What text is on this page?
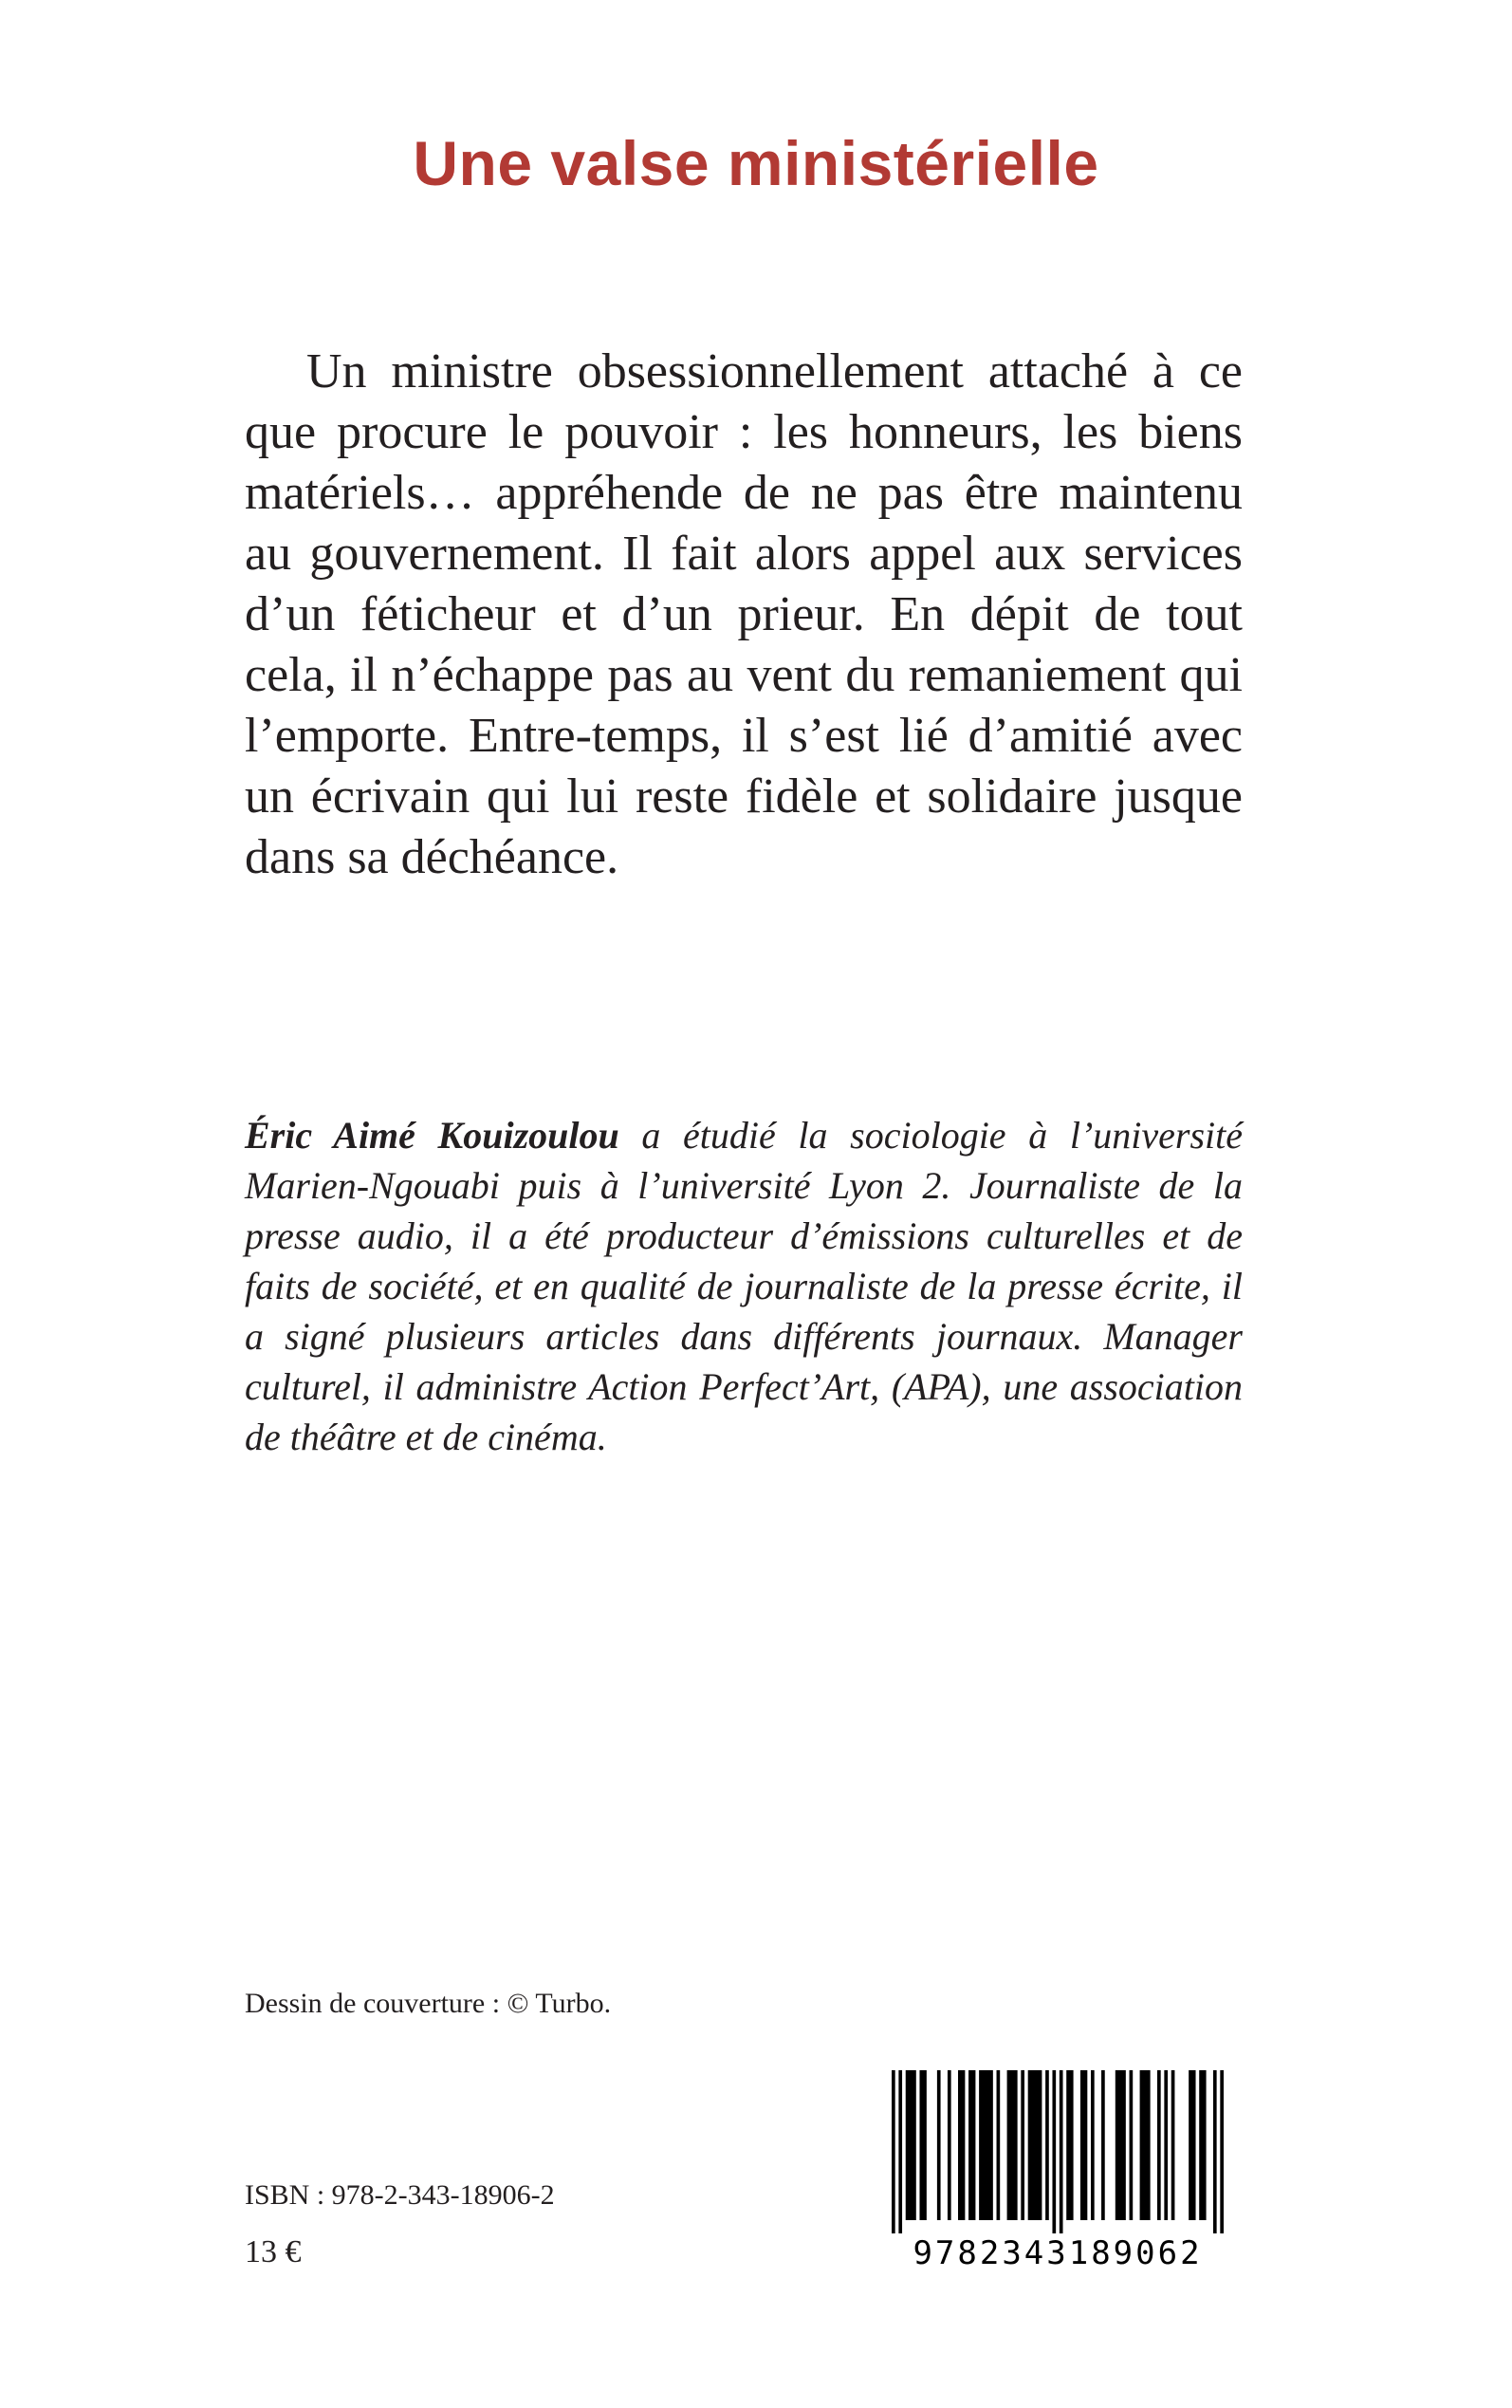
Une valse ministérielle

Un ministre obsessionnellement attaché à ce que procure le pouvoir : les honneurs, les biens matériels… appréhende de ne pas être maintenu au gouvernement. Il fait alors appel aux services d’un féticheur et d’un prieur. En dépit de tout cela, il n’échappe pas au vent du remaniement qui l’emporte. Entre-temps, il s’est lié d’amitié avec un écrivain qui lui reste fidèle et solidaire jusque dans sa déchéance.

Éric Aimé Kouizoulou a étudié la sociologie à l’université Marien-Ngouabi puis à l’université Lyon 2. Journaliste de la presse audio, il a été producteur d’émissions culturelles et de faits de société, et en qualité de journaliste de la presse écrite, il a signé plusieurs articles dans différents journaux. Manager culturel, il administre Action Perfect’Art, (APA), une association de théâtre et de cinéma.

Dessin de couverture : © Turbo.

ISBN : 978-2-343-18906-2

13 €	9782343189062
